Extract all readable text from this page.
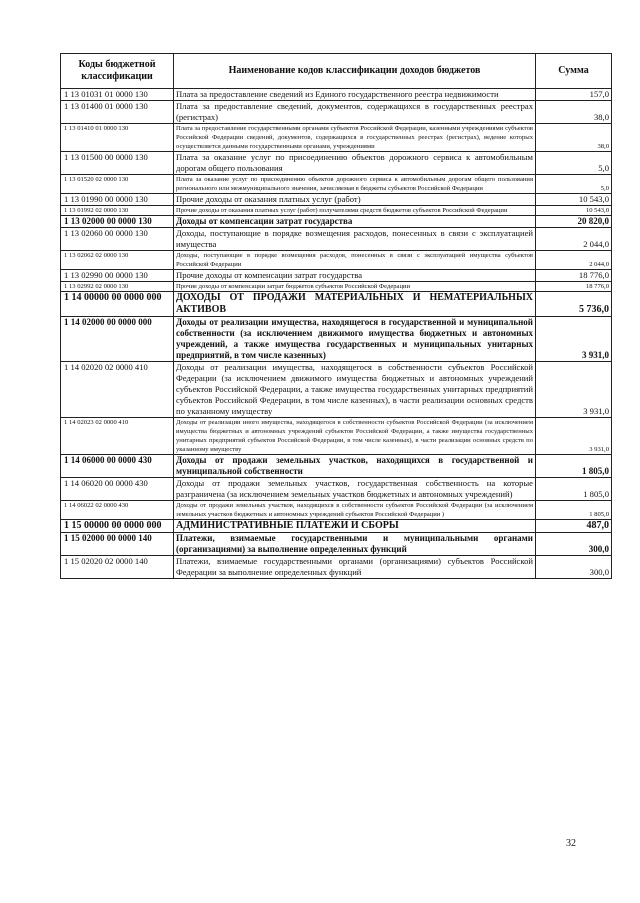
Коды бюджетной классификации	Наименование кодов классификации доходов бюджетов	Сумма
1 13 01031 01 0000 130	Плата за предоставление сведений из Единого государственного реестра недвижимости	157,0
1 13 01400 01 0000 130	Плата за предоставление сведений, документов, содержащихся в государственных реестрах (регистрах)	38,0
1 13 01410 01 0000 130	Плата за предоставление государственными органами субъектов Российской Федерации, казенными учреждениями субъектов Российской Федерации сведений, документов, содержащихся в государственных реестрах (регистрах), ведение которых осуществляется данными государственными органами, учреждениями	38,0
1 13 01500 00 0000 130	Плата за оказание услуг по присоединению объектов дорожного сервиса к автомобильным дорогам общего пользования	5,0
1 13 01520 02 0000 130	Плата за оказание услуг по присоединению объектов дорожного сервиса к автомобильным дорогам общего пользования регионального или межмуниципального значения, зачисляемая в бюджеты субъектов Российской Федерации	5,0
1 13 01990 00 0000 130	Прочие доходы от оказания платных услуг (работ)	10 543,0
1 13 01992 02 0000 130	Прочие доходы от оказания платных услуг (работ) получателями средств бюджетов субъектов Российской Федерации	10 543,0
1 13 02000 00 0000 130	Доходы от компенсации затрат государства	20 820,0
1 13 02060 00 0000 130	Доходы, поступающие в порядке возмещения расходов, понесенных в связи с эксплуатацией имущества	2 044,0
1 13 02062 02 0000 130	Доходы, поступающие в порядке возмещения расходов, понесенных в связи с эксплуатацией имущества субъектов Российской Федерации	2 044,0
1 13 02990 00 0000 130	Прочие доходы от компенсации затрат государства	18 776,0
1 13 02992 02 0000 130	Прочие доходы от компенсации затрат бюджетов субъектов Российской Федерации	18 776,0
1 14 00000 00 0000 000	ДОХОДЫ ОТ ПРОДАЖИ МАТЕРИАЛЬНЫХ И НЕМАТЕРИАЛЬНЫХ АКТИВОВ	5 736,0
1 14 02000 00 0000 000	Доходы от реализации имущества, находящегося в государственной и муниципальной собственности (за исключением движимого имущества бюджетных и автономных учреждений, а также имущества государственных и муниципальных унитарных предприятий, в том числе казенных)	3 931,0
1 14 02020 02 0000 410	Доходы от реализации имущества, находящегося в собственности субъектов Российской Федерации (за исключением движимого имущества бюджетных и автономных учреждений субъектов Российской Федерации, а также имущества государственных унитарных предприятий субъектов Российской Федерации, в том числе казенных), в части реализации основных средств по указанному имуществу	3 931,0
1 14 02023 02 0000 410	Доходы от реализации иного имущества, находящегося в собственности субъектов Российской Федерации (за исключением имущества бюджетных и автономных учреждений субъектов Российской Федерации, а также имущества государственных унитарных предприятий субъектов Российской Федерации, в том числе казенных), в части реализации основных средств по указанному имуществу	3 931,0
1 14 06000 00 0000 430	Доходы от продажи земельных участков, находящихся в государственной и муниципальной собственности	1 805,0
1 14 06020 00 0000 430	Доходы от продажи земельных участков, государственная собственность на которые разграничена (за исключением земельных участков бюджетных и автономных учреждений)	1 805,0
1 14 06022 02 0000 430	Доходы от продажи земельных участков, находящихся в собственности субъектов Российской Федерации (за исключением земельных участков бюджетных и автономных учреждений субъектов Российской Федерации )	1 805,0
1 15 00000 00 0000 000	АДМИНИСТРАТИВНЫЕ ПЛАТЕЖИ И СБОРЫ	487,0
1 15 02000 00 0000 140	Платежи, взимаемые государственными и муниципальными органами (организациями) за выполнение определенных функций	300,0
1 15 02020 02 0000 140	Платежи, взимаемые государственными органами (организациями) субъектов Российской Федерации за выполнение определенных функций	300,0
32
